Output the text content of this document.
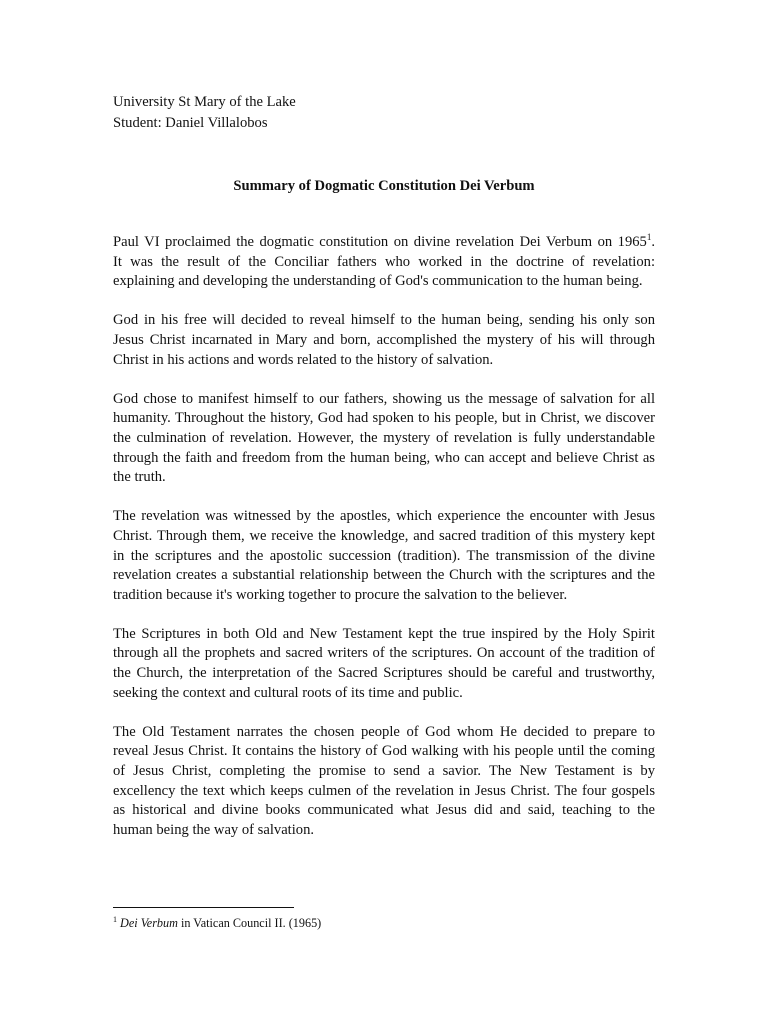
University St Mary of the Lake
Student: Daniel Villalobos
Summary of Dogmatic Constitution Dei Verbum
Paul VI proclaimed the dogmatic constitution on divine revelation Dei Verbum on 1965$^1$.
It was the result of the Conciliar fathers who worked in the doctrine of revelation:
explaining and developing the understanding of God's communication to the human being.
God in his free will decided to reveal himself to the human being, sending his only son
Jesus Christ incarnated in Mary and born, accomplished the mystery of his will through
Christ in his actions and words related to the history of salvation.
God chose to manifest himself to our fathers, showing us the message of salvation for all
humanity. Throughout the history, God had spoken to his people, but in Christ, we discover
the culmination of revelation. However, the mystery of revelation is fully understandable
through the faith and freedom from the human being, who can accept and believe Christ as
the truth.
The revelation was witnessed by the apostles, which experience the encounter with Jesus
Christ. Through them, we receive the knowledge, and sacred tradition of this mystery kept
in the scriptures and the apostolic succession (tradition). The transmission of the divine
revelation creates a substantial relationship between the Church with the scriptures and the
tradition because it's working together to procure the salvation to the believer.
The Scriptures in both Old and New Testament kept the true inspired by the Holy Spirit
through all the prophets and sacred writers of the scriptures. On account of the tradition of
the Church, the interpretation of the Sacred Scriptures should be careful and trustworthy,
seeking the context and cultural roots of its time and public.
The Old Testament narrates the chosen people of God whom He decided to prepare to
reveal Jesus Christ. It contains the history of God walking with his people until the coming
of Jesus Christ, completing the promise to send a savior. The New Testament is by
excellency the text which keeps culmen of the revelation in Jesus Christ. The four gospels
as historical and divine books communicated what Jesus did and said, teaching to the
human being the way of salvation.
$^1$ Dei Verbum in Vatican Council II. (1965)
